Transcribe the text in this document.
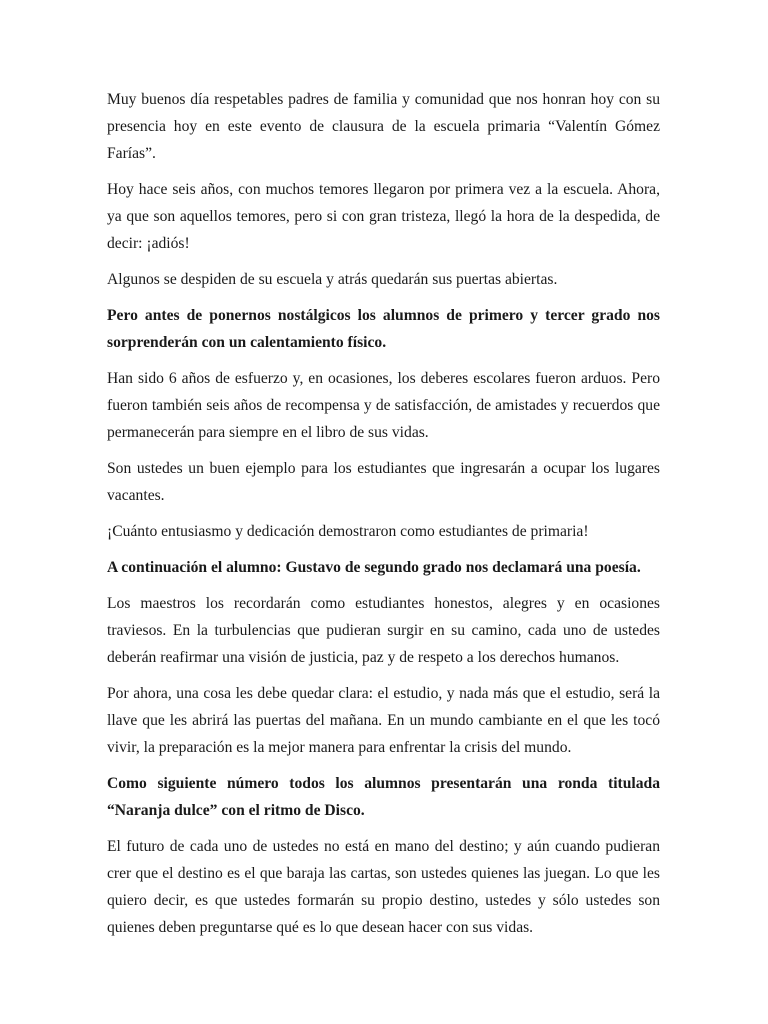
Muy buenos día respetables padres de familia y comunidad que nos honran hoy con su presencia hoy en este evento de clausura de la escuela primaria “Valentín Gómez Farías”.

Hoy hace seis años, con muchos temores llegaron por primera vez a la escuela. Ahora, ya que son aquellos temores, pero si con gran tristeza, llegó la hora de la despedida, de decir: ¡adiós!

Algunos se despiden de su escuela y atrás quedarán sus puertas abiertas.

Pero antes de ponernos nostálgicos los alumnos de primero y tercer grado nos sorprenderán con un calentamiento físico.

Han sido 6 años de esfuerzo y, en ocasiones, los deberes escolares fueron arduos. Pero fueron también seis años de recompensa y de satisfacción, de amistades y recuerdos que permanecerán para siempre en el libro de sus vidas.

Son ustedes un buen ejemplo para los estudiantes que ingresarán a ocupar los lugares vacantes.

¡Cuánto entusiasmo y dedicación demostraron como estudiantes de primaria!

A continuación el alumno: Gustavo de segundo grado nos declamará una poesía.

Los maestros los recordarán como estudiantes honestos, alegres y en ocasiones traviesos. En la turbulencias que pudieran surgir en su camino, cada uno de ustedes deberán reafirmar una visión de justicia, paz y de respeto a los derechos humanos.

Por ahora, una cosa les debe quedar clara: el estudio, y nada más que el estudio, será la llave que les abrirá las puertas del mañana. En un mundo cambiante en el que les tocó vivir, la preparación es la mejor manera para enfrentar la crisis del mundo.

Como siguiente número todos los alumnos presentarán una ronda titulada “Naranja dulce” con el ritmo de Disco.

El futuro de cada uno de ustedes no está en mano del destino; y aún cuando pudieran crer que el destino es el que baraja las cartas, son ustedes quienes las juegan. Lo que les quiero decir, es que ustedes formarán su propio destino, ustedes y sólo ustedes son quienes deben preguntarse qué es lo que desean hacer con sus vidas.
